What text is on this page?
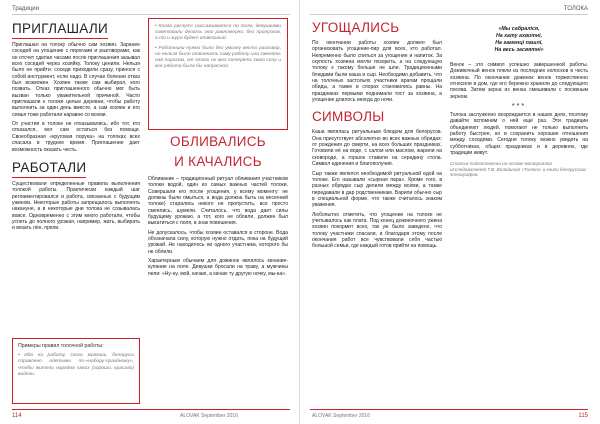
Традиции
ПРИГЛАШАЛИ

Приглашал на толоку обычно сам хозяин. Заранее соседей на угощение с пирогами и разговорами, как он отсчет сделал часами после приглашения зазывал всех соседей через хозяйку. Толоку ценили. Нельзя было не прийти: соседи приходили сразу, принося с собой инструмент, если надо. В случае болезни отказ был возможен. Хозяин также сам выбирал, кого позвать. Отказ приглашенного обычно мог быть вызван только уважительной причиной. Часто приглашали к толоке целые деревни, чтобы работу выполнить за один день вместе, а сам хозяин и его семья тоже работали наравне со всеми.

От участия в толоке не отказывались, ибо тот, кто отказался, мог сам остаться без помощи. Своеобразная «круговая порука» на толоках всех спасала в трудное время. Приглашение дает возможность оказать честь.

РАБОТАЛИ

Существовали определенные правила выполнения толокой работы. Практически каждый шаг регламентировался и работа, связанных с будущим ужином. Некоторые работы запрещалось выполнять накануне, а в некоторые дни толока не созывалась вовсе. Одновременно с этим много работали, чтобы успеть до полного урожая, например, жать, выбирать и вязать лён, пряли.

Примеры правил толочной работы:

• Иди на работу, сколь можешь, белорусы справлено одетыми по-«набору-праздному», чтобы жители нарядов своих (хорошо, красиво) видели.

• Когда расчут» рассаживается по полю, девушками советовали делать это равномерно, без пропусков, а то и жура будет отвязаный.

• Работники нужно было без умолку вести разговор, но нельзя было отвлекать саму работу или сменять над порогом, от этого он мог потерять свою силу и вся работа была бы напрасной.

ОБЛИВАЛИСЬ
И КАЧАЛИСЬ

Обливание – традиционный ритуал обливания участников толоки водой, один из самых важных частей толоки. Совершали его после угощения, у всему моменту: не должны были омыться, а вода должна быть на весенней толоке) старались никого не пропустить, все просто смеялись, шумели. Считалось, что вода дает силы будущему урожаю, а тот, кого не облили, должен был выкатиться с поля, в знак повешения.

Не допускалось, чтобы хозяин оставался в стороне. Вода обозначала силу, которую нужно отдать, пока на будущий урожай. Не находилось ни одного участника, которого бы не облили.

Характерным обычаем для дожинок являлось качание-купание на поле. Девушки бросали на траву, а мужчины пели: «Ну-ну, мой, качаю, а качаю ту другую ночку, мы-ка».

114	ALOVAK September 2016
ТОЛОКА
УГОЩАЛИСЬ

По окончании работы хозяин должен был организовать угощение-пир для всех, кто работал. Непременно было спиться за угощение и напиток. За скупость хозяина могли позорить, а на следующую толоку к такому больше не шли. Традиционными блюдами были каша и сыр. Необходимо добавить, что на толочных застольях участники врагам прощали обиды, а также в спорах становились равны. На праздниках первыми поднимали тост за хозяина, а угощение длилось иногда до ночи.

СИМВОЛЫ

Каша являлась ритуальным блюдом для белорусов. Она присутствует абсолютно во всех важных обрядах: от рождения до смерти, на всех больших праздниках. Готовили её на воде, с салом или маслом, жарили на сковороде, а горшок ставили на середину стола. Символ единения и благополучия.

Сыр также являлся необходимой ритуальной едой на толоке. Его называли «сырная пара». Кроме того, в разных обрядах сыр делили между всеми, а также передавали в дар родственникам. Варили обычно сыр в специальной форме, что также считалось знаком уважения.

Любопытно отметить, что угощение на толоке не учитывалось как плата. Под конец дожиночного ужина хозяин покормит всех, так уж было заведено, что толоку участники спасали, и благодаря этому после окончания работ все чувствовали себя частью большой семьи, где каждый готов прийти на помощь.

«Мы сабраліся,
На хату ахвотні,
На гаменці пашлі,
На весь засвятні»

Венок – это символ успешно завершенной работы. Доживочный венок плели из последних колосков в честь хозяина. По окончании дожинок венок торжественно относили в дом, где его бережно хранили до следующего посева. Затем зерна из венка смешивали с посевным зерном.

***

Толока заслуженно возрождается в наших днях, поэтому давайте вспомним о ней ещё раз. Эти традиции объединяют людей, помогают не только выполнить работу быстрее, но и сохранить хорошие отношения между соседями. Сегодня толоку можно увидеть на субботниках, общих праздниках и в деревнях, где традиции живут.

Статья подготовлена на основе материалов исследователей Т.В. Володиной «Толока» и книги белорусских этнографов.

ALOVAK September 2016	115
